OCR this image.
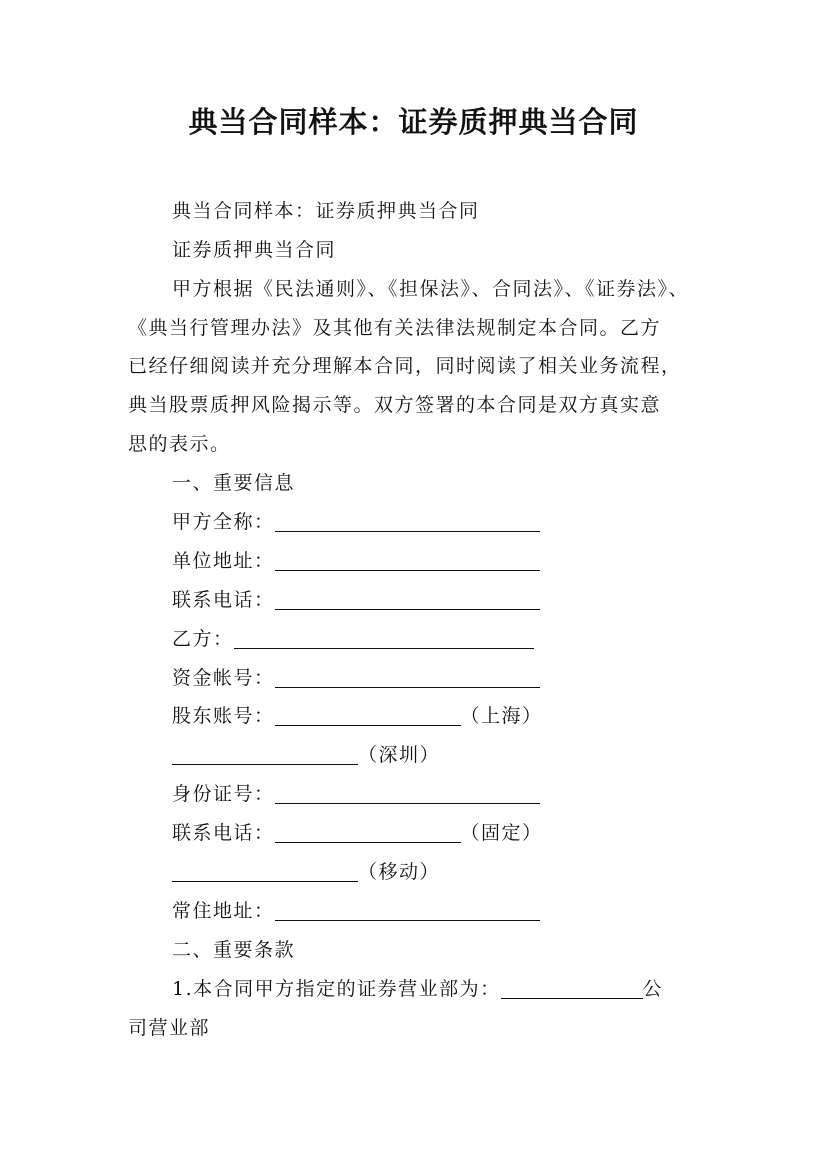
典当合同样本：证券质押典当合同
典当合同样本：证券质押典当合同
证券质押典当合同
甲方根据《民法通则》、《担保法》、合同法》、《证券法》、
《典当行管理办法》及其他有关法律法规制定本合同。乙方
已经仔细阅读并充分理解本合同，同时阅读了相关业务流程，
典当股票质押风险揭示等。双方签署的本合同是双方真实意
思的表示。
一、重要信息
甲方全称：
单位地址：
联系电话：
乙方：
资金帐号：
股东账号：	（上海）
（深圳）
身份证号：
联系电话：	（固定）
（移动）
常住地址：
二、重要条款
1.本合同甲方指定的证券营业部为：	公
司营业部
